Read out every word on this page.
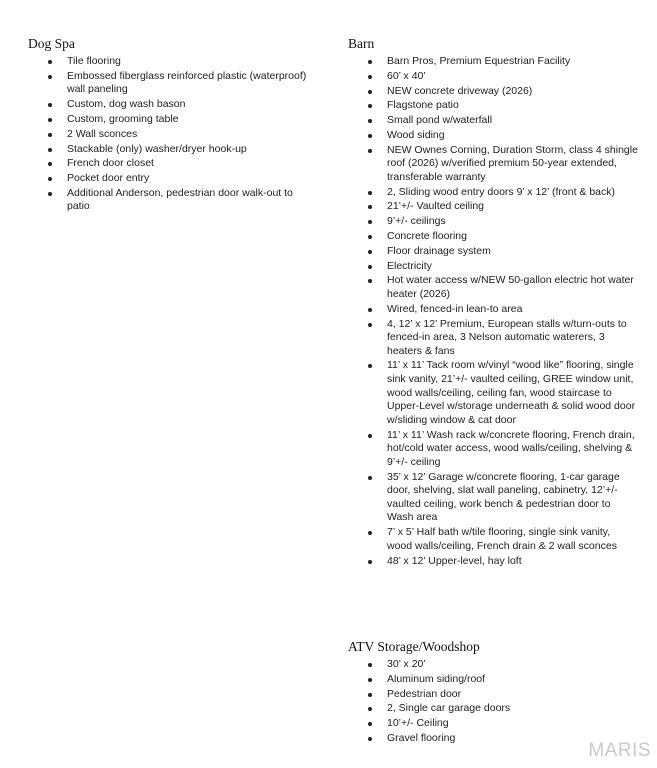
Dog Spa
Tile flooring
Embossed fiberglass reinforced plastic (waterproof) wall paneling
Custom, dog wash bason
Custom, grooming table
2 Wall sconces
Stackable (only) washer/dryer hook-up
French door closet
Pocket door entry
Additional Anderson, pedestrian door walk-out to patio
Barn
Barn Pros, Premium Equestrian Facility
60’ x 40’
NEW concrete driveway (2026)
Flagstone patio
Small pond w/waterfall
Wood siding
NEW Ownes Corning, Duration Storm, class 4 shingle roof (2026) w/verified premium 50-year extended, transferable warranty
2, Sliding wood entry doors 9’ x 12’ (front & back)
21’+/- Vaulted ceiling
9’+/- ceilings
Concrete flooring
Floor drainage system
Electricity
Hot water access w/NEW 50-gallon electric hot water heater (2026)
Wired, fenced-in lean-to area
4, 12’ x 12’ Premium, European stalls w/turn-outs to fenced-in area, 3 Nelson automatic waterers, 3 heaters & fans
11’ x 11’ Tack room w/vinyl “wood like” flooring, single sink vanity, 21’+/- vaulted ceiling, GREE window unit, wood walls/ceiling, ceiling fan, wood staircase to Upper-Level w/storage underneath & solid wood door w/sliding window & cat door
11’ x 11’ Wash rack w/concrete flooring, French drain, hot/cold water access, wood walls/ceiling, shelving & 9’+/- ceiling
35’ x 12’ Garage w/concrete flooring, 1-car garage door, shelving, slat wall paneling, cabinetry, 12’+/- vaulted ceiling, work bench & pedestrian door to Wash area
7’ x 5’ Half bath w/tile flooring, single sink vanity, wood walls/ceiling, French drain & 2 wall sconces
48’ x 12’ Upper-level, hay loft
ATV Storage/Woodshop
30’ x 20’
Aluminum siding/roof
Pedestrian door
2, Single car garage doors
10’+/- Ceiling
Gravel flooring
MARIS
